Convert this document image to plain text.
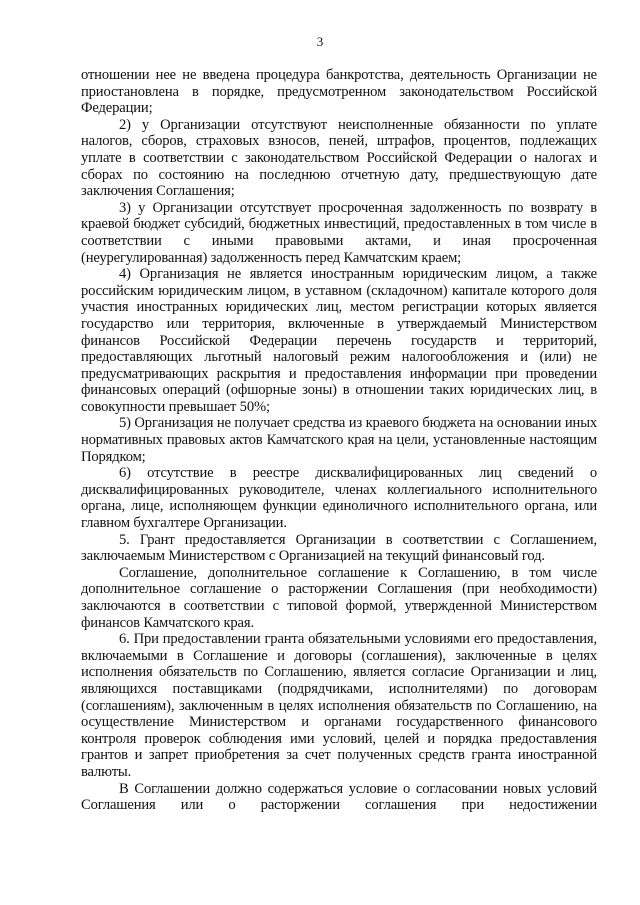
3

отношении нее не введена процедура банкротства, деятельность Организации не приостановлена в порядке, предусмотренном законодательством Российской Федерации;

2) у Организации отсутствуют неисполненные обязанности по уплате налогов, сборов, страховых взносов, пеней, штрафов, процентов, подлежащих уплате в соответствии с законодательством Российской Федерации о налогах и сборах по состоянию на последнюю отчетную дату, предшествующую дате заключения Соглашения;

3) у Организации отсутствует просроченная задолженность по возврату в краевой бюджет субсидий, бюджетных инвестиций, предоставленных в том числе в соответствии с иными правовыми актами, и иная просроченная (неурегулированная) задолженность перед Камчатским краем;

4) Организация не является иностранным юридическим лицом, а также российским юридическим лицом, в уставном (складочном) капитале которого доля участия иностранных юридических лиц, местом регистрации которых является государство или территория, включенные в утверждаемый Министерством финансов Российской Федерации перечень государств и территорий, предоставляющих льготный налоговый режим налогообложения и (или) не предусматривающих раскрытия и предоставления информации при проведении финансовых операций (офшорные зоны) в отношении таких юридических лиц, в совокупности превышает 50%;

5) Организация не получает средства из краевого бюджета на основании иных нормативных правовых актов Камчатского края на цели, установленные настоящим Порядком;

6) отсутствие в реестре дисквалифицированных лиц сведений о дисквалифицированных руководителе, членах коллегиального исполнительного органа, лице, исполняющем функции единоличного исполнительного органа, или главном бухгалтере Организации.

5. Грант предоставляется Организации в соответствии с Соглашением, заключаемым Министерством с Организацией на текущий финансовый год.

Соглашение, дополнительное соглашение к Соглашению, в том числе дополнительное соглашение о расторжении Соглашения (при необходимости) заключаются в соответствии с типовой формой, утвержденной Министерством финансов Камчатского края.

6. При предоставлении гранта обязательными условиями его предоставления, включаемыми в Соглашение и договоры (соглашения), заключенные в целях исполнения обязательств по Соглашению, является согласие Организации и лиц, являющихся поставщиками (подрядчиками, исполнителями) по договорам (соглашениям), заключенным в целях исполнения обязательств по Соглашению, на осуществление Министерством и органами государственного финансового контроля проверок соблюдения ими условий, целей и порядка предоставления грантов и запрет приобретения за счет полученных средств гранта иностранной валюты.

В Соглашении должно содержаться условие о согласовании новых условий Соглашения или о расторжении соглашения при недостижении
